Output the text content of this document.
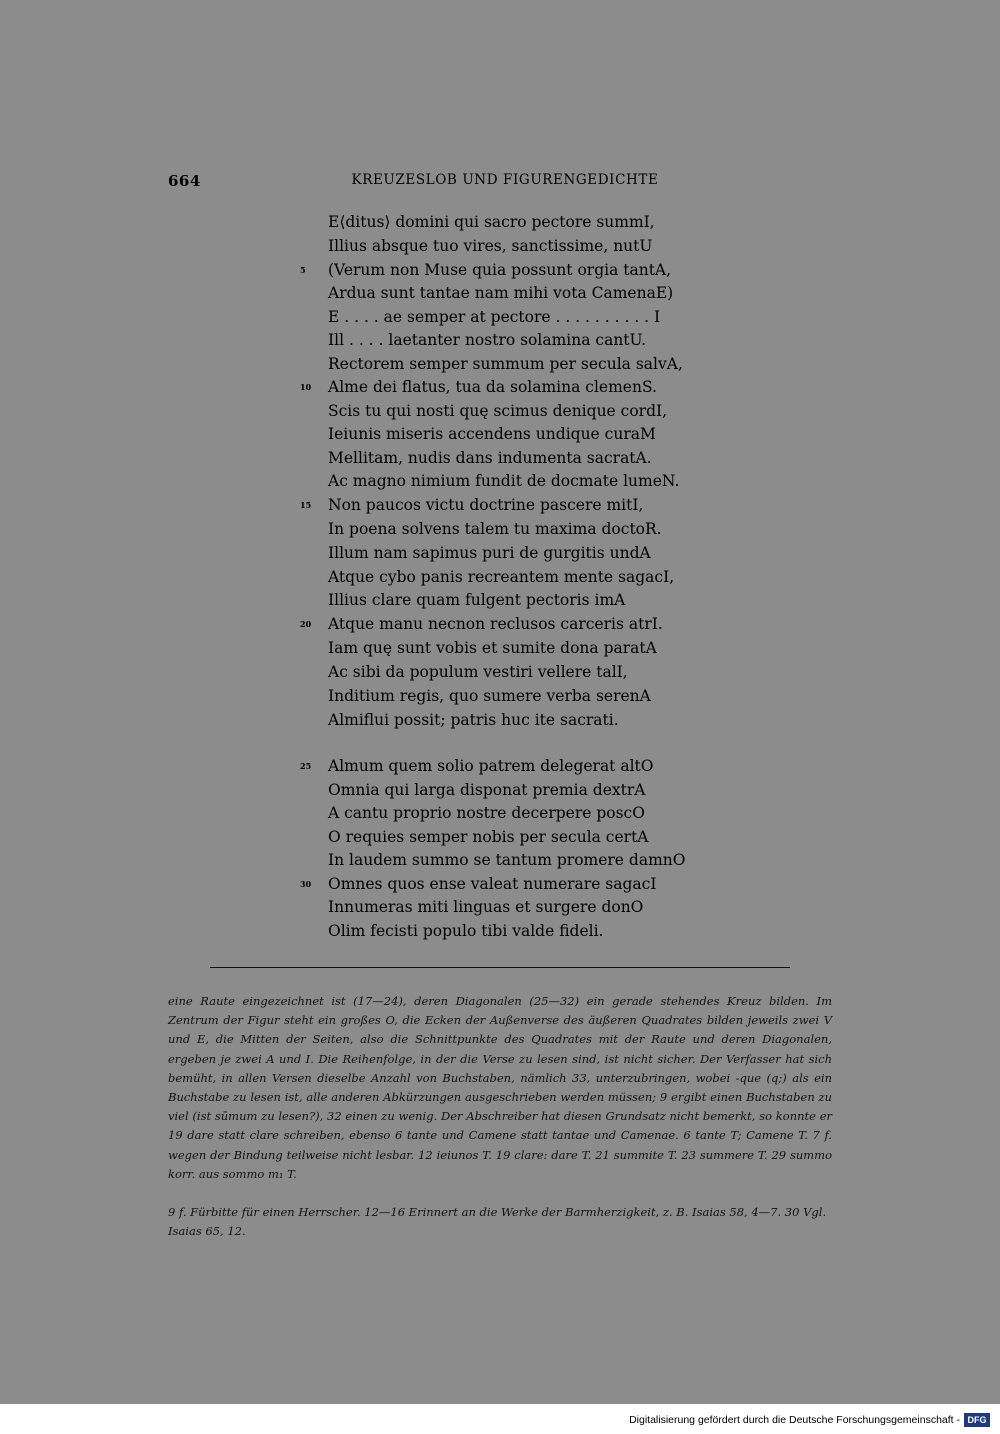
664	KREUZESLOB UND FIGURENGEDICHTE
E⟨ditus⟩ domini qui sacro pectore summI,
Illius absque tuo vires, sanctissime, nutU
(Verum non Muse quia possunt orgia tantA,
Ardua sunt tantae nam mihi vota CamenaE)
E . . . . ae semper at pectore . . . . . . . . . . I
Ill . . . . laetanter nostro solamina cantU.
Rectorem semper summum per secula salvA,
Alme dei flatus, tua da solamina clemenS.
Scis tu qui nosti quę scimus denique cordI,
Ieiunis miseris accendens undique curaM
Mellitam, nudis dans indumenta sacratA.
Ac magno nimium fundit de docmate lumeN.
Non paucos victu doctrine pascere mitI,
In poena solvens talem tu maxima doctoR.
Illum nam sapimus puri de gurgitis undA
Atque cybo panis recreantem mente sagacI,
Illius clare quam fulgent pectoris imA
Atque manu necnon reclusos carceris atrI.
Iam quę sunt vobis et sumite dona paratA
Ac sibi da populum vestiri vellere talI,
Inditium regis, quo sumere verba serenA
Almiflui possit; patris huc ite sacrati.
Almum quem solio patrem delegerat altO
Omnia qui larga disponat premia dextrA
A cantu proprio nostre decerpere poscO
O requies semper nobis per secula certA
In laudem summo se tantum promere damnO
Omnes quos ense valeat numerare sagacI
Innumeras miti linguas et surgere donO
Olim fecisti populo tibi valde fideli.
5
10
15
20
25
30
eine Raute eingezeichnet ist (17—24), deren Diagonalen (25—32) ein gerade stehendes Kreuz bilden. Im Zentrum der Figur steht ein großes O, die Ecken der Außenverse des äußeren Quadrates bilden jeweils zwei V und E, die Mitten der Seiten, also die Schnittpunkte des Quadrates mit der Raute und deren Diagonalen, ergeben je zwei A und I. Die Reihenfolge, in der die Verse zu lesen sind, ist nicht sicher. Der Verfasser hat sich bemüht, in allen Versen dieselbe Anzahl von Buchstaben, nämlich 33, unterzubringen, wobei -que (q;) als ein Buchstabe zu lesen ist, alle anderen Abkürzungen ausgeschrieben werden müssen; 9 ergibt einen Buchstaben zu viel (ist sūmum zu lesen?), 32 einen zu wenig. Der Abschreiber hat diesen Grundsatz nicht bemerkt, so konnte er 19 dare statt clare schreiben, ebenso 6 tante und Camene statt tantae und Camenae. 6 tante T; Camene T. 7 f. wegen der Bindung teilweise nicht lesbar. 12 ieiunos T. 19 clare: dare T. 21 summite T. 23 summere T. 29 summo korr. aus sommo m₁ T.
9 f. Fürbitte für einen Herrscher. 12—16 Erinnert an die Werke der Barmherzigkeit, z. B. Isaias 58, 4—7. 30 Vgl. Isaias 65, 12.
Digitalisierung gefördert durch die Deutsche Forschungsgemeinschaft - DFG
